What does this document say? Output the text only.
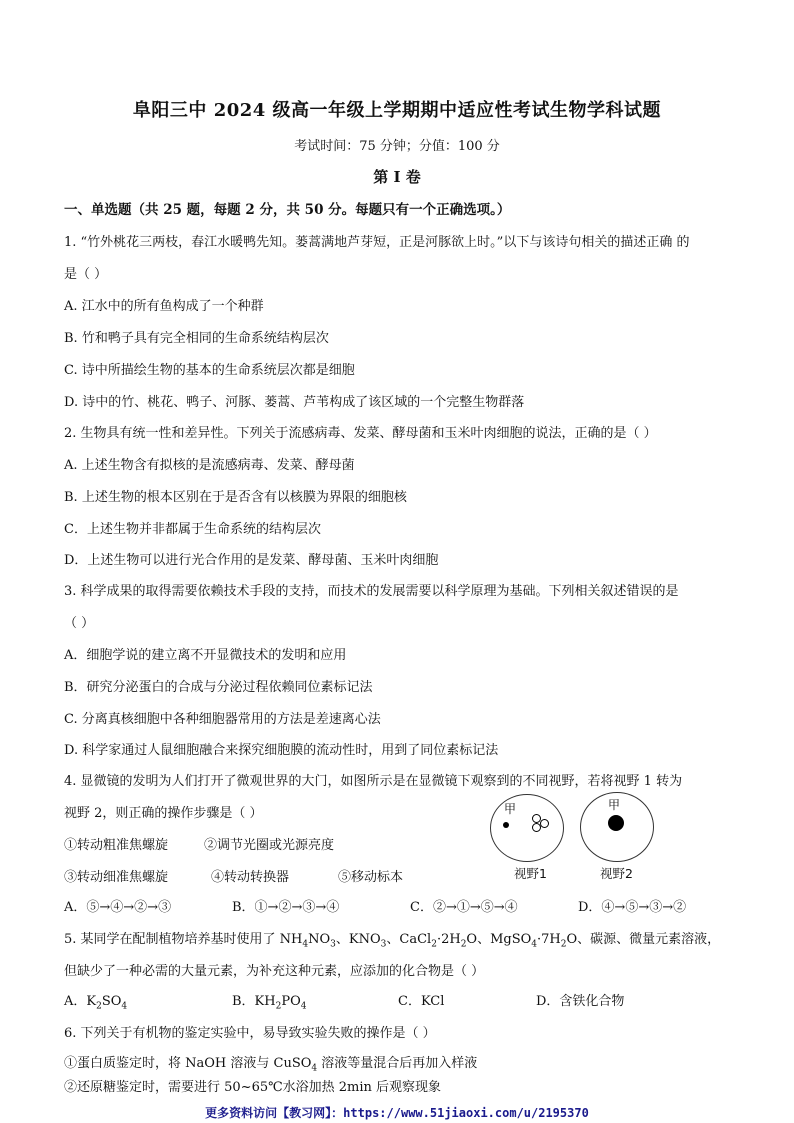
阜阳三中 2024 级高一年级上学期期中适应性考试生物学科试题
考试时间：75 分钟；分值：100 分
第 I 卷
一、单选题（共 25 题，每题 2 分，共 50 分。每题只有一个正确选项。）
1. “竹外桃花三两枝，春江水暖鸭先知。蒌蒿满地芦芽短，正是河豚欲上时。”以下与该诗句相关的描述正确 的
是（ ）
A. 江水中的所有鱼构成了一个种群
B. 竹和鸭子具有完全相同的生命系统结构层次
C. 诗中所描绘生物的基本的生命系统层次都是细胞
D. 诗中的竹、桃花、鸭子、河豚、蒌蒿、芦苇构成了该区域的一个完整生物群落
2. 生物具有统一性和差异性。下列关于流感病毒、发菜、酵母菌和玉米叶肉细胞的说法，正确的是（ ）
A. 上述生物含有拟核的是流感病毒、发菜、酵母菌
B. 上述生物的根本区别在于是否含有以核膜为界限的细胞核
C．上述生物并非都属于生命系统的结构层次
D．上述生物可以进行光合作用的是发菜、酵母菌、玉米叶肉细胞
3. 科学成果的取得需要依赖技术手段的支持，而技术的发展需要以科学原理为基础。下列相关叙述错误的是
（ ）
A．细胞学说的建立离不开显微技术的发明和应用
B．研究分泌蛋白的合成与分泌过程依赖同位素标记法
C. 分离真核细胞中各种细胞器常用的方法是差速离心法
D. 科学家通过人鼠细胞融合来探究细胞膜的流动性时，用到了同位素标记法
4. 显微镜的发明为人们打开了微观世界的大门，如图所示是在显微镜下观察到的不同视野，若将视野 1 转为
视野 2，则正确的操作步骤是（ ）
①转动粗准焦螺旋	②调节光圈或光源亮度
③转动细准焦螺旋	④转动转换器	⑤移动标本
甲	甲
视野1	视野2
A．⑤→④→②→③	B．①→②→③→④	C．②→①→⑤→④	D．④→⑤→③→②
5. 某同学在配制植物培养基时使用了 $NH_4NO_3$、$KNO_3$、$CaCl_2\cdot 2H_2O$、$MgSO_4\cdot 7H_2O$、碳源、微量元素溶液，
但缺少了一种必需的大量元素，为补充这种元素，应添加的化合物是（ ）
A．$K_2SO_4$	B．$KH_2PO_4$	C．KCl	D．含铁化合物
6. 下列关于有机物的鉴定实验中，易导致实验失败的操作是（ ）
①蛋白质鉴定时，将 NaOH 溶液与 CuSO$_4$ 溶液等量混合后再加入样液
②还原糖鉴定时，需要进行 50~65℃水浴加热 2min 后观察现象
更多资料访问【教习网】：https://www.51jiaoxi.com/u/2195370
